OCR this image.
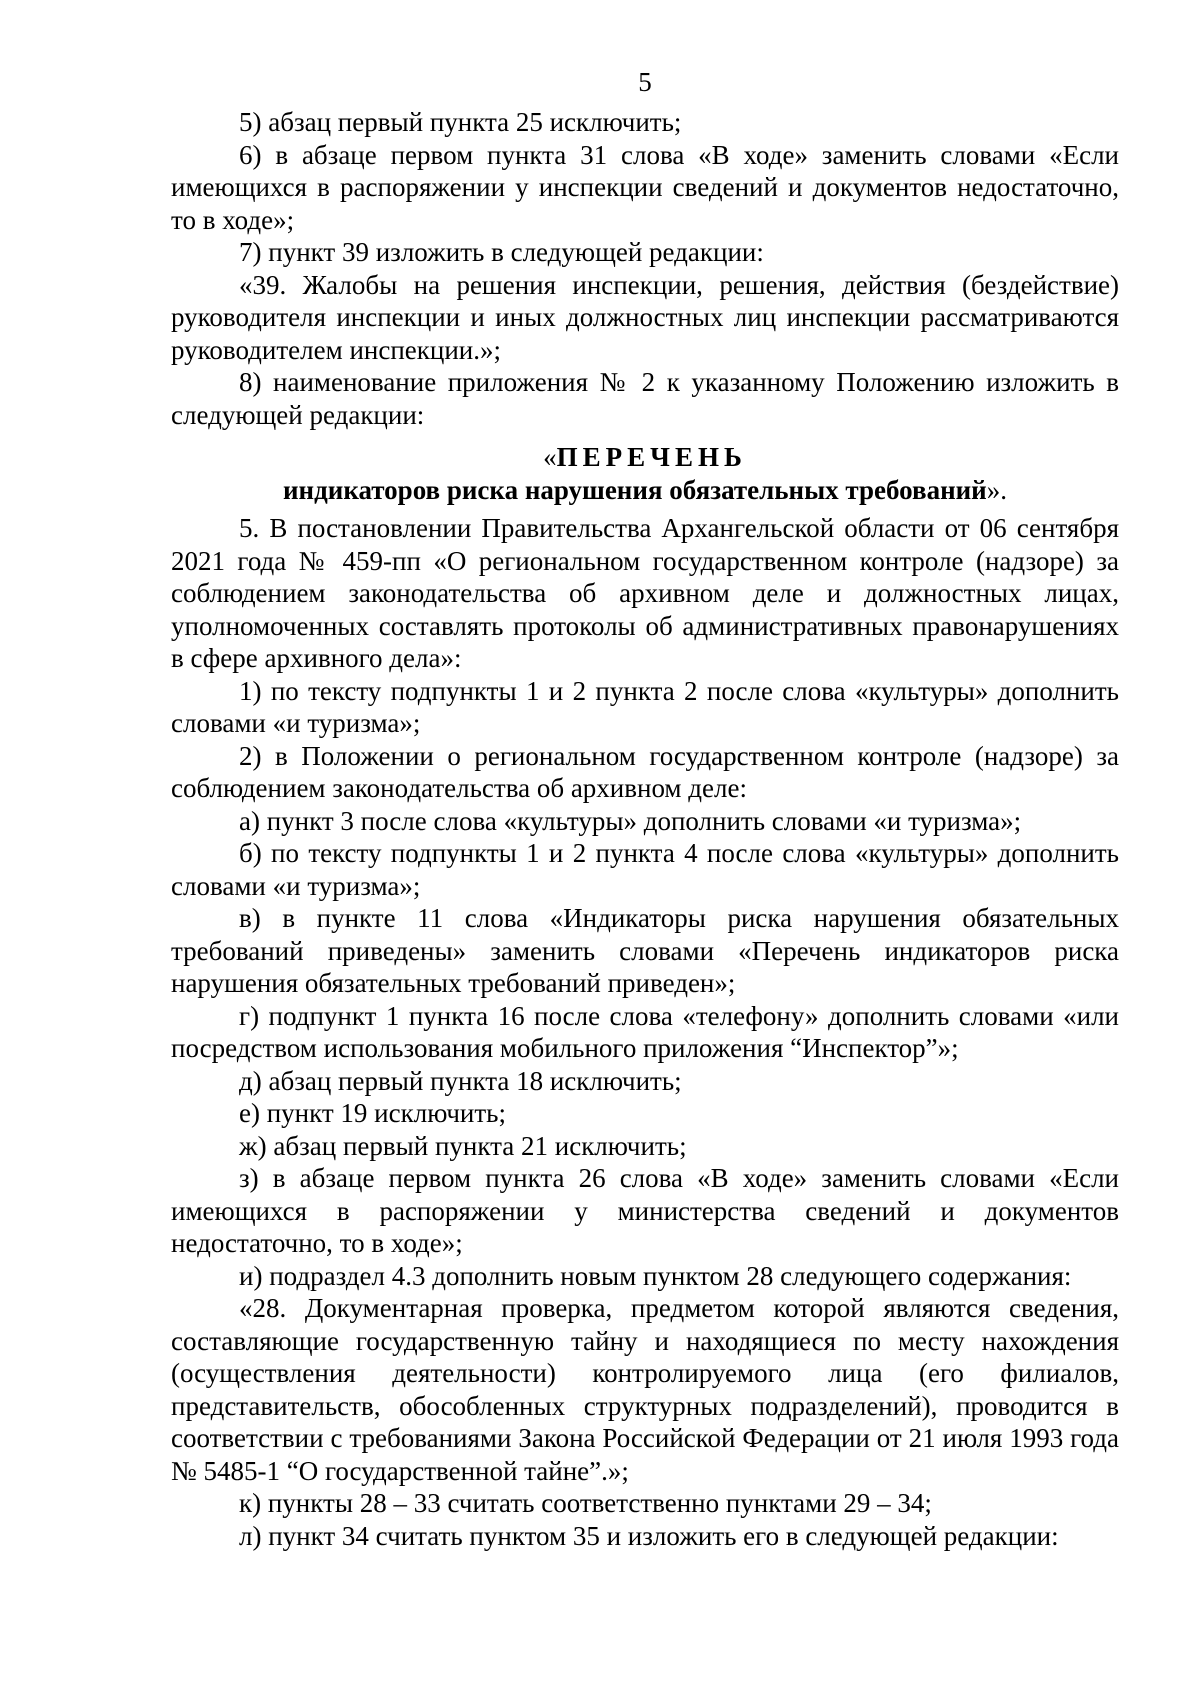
5

5) абзац первый пункта 25 исключить;

6) в абзаце первом пункта 31 слова «В ходе» заменить словами «Если имеющихся в распоряжении у инспекции сведений и документов недостаточно, то в ходе»;

7) пункт 39 изложить в следующей редакции:

«39. Жалобы на решения инспекции, решения, действия (бездействие) руководителя инспекции и иных должностных лиц инспекции рассматриваются руководителем инспекции.»;

8) наименование приложения № 2 к указанному Положению изложить в следующей редакции:

«ПЕРЕЧЕНЬ
индикаторов риска нарушения обязательных требований».

5. В постановлении Правительства Архангельской области от 06 сентября 2021 года № 459-пп «О региональном государственном контроле (надзоре) за соблюдением законодательства об архивном деле и должностных лицах, уполномоченных составлять протоколы об административных правонарушениях в сфере архивного дела»:

1) по тексту подпункты 1 и 2 пункта 2 после слова «культуры» дополнить словами «и туризма»;

2) в Положении о региональном государственном контроле (надзоре) за соблюдением законодательства об архивном деле:

а) пункт 3 после слова «культуры» дополнить словами «и туризма»;

б) по тексту подпункты 1 и 2 пункта 4 после слова «культуры» дополнить словами «и туризма»;

в) в пункте 11 слова «Индикаторы риска нарушения обязательных требований приведены» заменить словами «Перечень индикаторов риска нарушения обязательных требований приведен»;

г) подпункт 1 пункта 16 после слова «телефону» дополнить словами «или посредством использования мобильного приложения “Инспектор”»;

д) абзац первый пункта 18 исключить;

е) пункт 19 исключить;

ж) абзац первый пункта 21 исключить;

з) в абзаце первом пункта 26 слова «В ходе» заменить словами «Если имеющихся в распоряжении у министерства сведений и документов недостаточно, то в ходе»;

и) подраздел 4.3 дополнить новым пунктом 28 следующего содержания:

«28. Документарная проверка, предметом которой являются сведения, составляющие государственную тайну и находящиеся по месту нахождения (осуществления деятельности) контролируемого лица (его филиалов, представительств, обособленных структурных подразделений), проводится в соответствии с требованиями Закона Российской Федерации от 21 июля 1993 года № 5485-1 “О государственной тайне”.»;

к) пункты 28 – 33 считать соответственно пунктами 29 – 34;

л) пункт 34 считать пунктом 35 и изложить его в следующей редакции:
